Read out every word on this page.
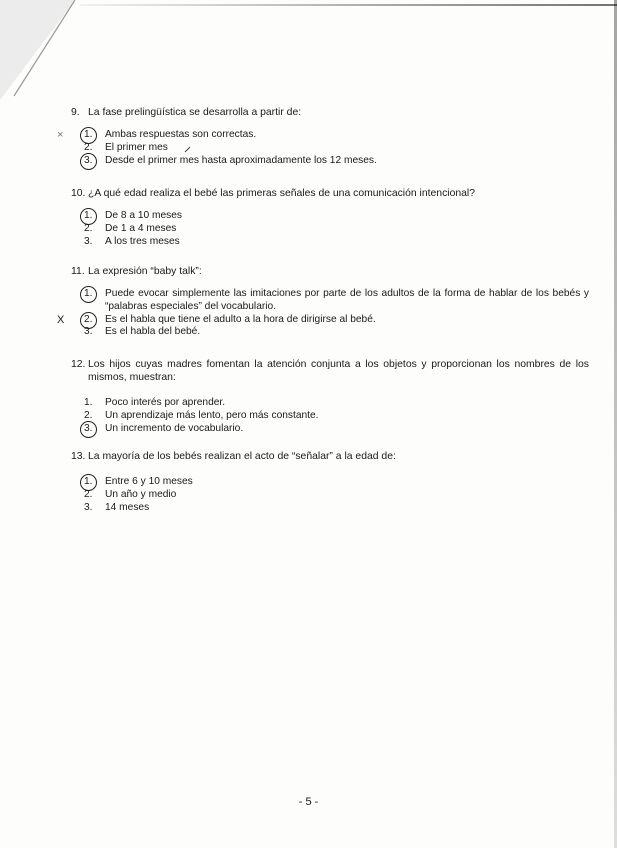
9. La fase prelingüística se desarrolla a partir de:
× 1.	Ambas respuestas son correctas.
2.	El primer mes
3.	Desde el primer mes hasta aproximadamente los 12 meses.
10. ¿A qué edad realiza el bebé las primeras señales de una comunicación intencional?
1.	De 8 a 10 meses
2.	De 1 a 4 meses
3.	A los tres meses
11. La expresión “baby talk”:
1.	Puede evocar simplemente las imitaciones por parte de los adultos de la forma de hablar de los bebés y “palabras especiales” del vocabulario.
X 2.	Es el habla que tiene el adulto a la hora de dirigirse al bebé.
3.	Es el habla del bebé.
12. Los hijos cuyas madres fomentan la atención conjunta a los objetos y proporcionan los nombres de los mismos, muestran:
1.	Poco interés por aprender.
2.	Un aprendizaje más lento, pero más constante.
3.	Un incremento de vocabulario.
13. La mayoría de los bebés realizan el acto de “señalar” a la edad de:
1.	Entre 6 y 10 meses
2.	Un año y medio
3.	14 meses
- 5 -
